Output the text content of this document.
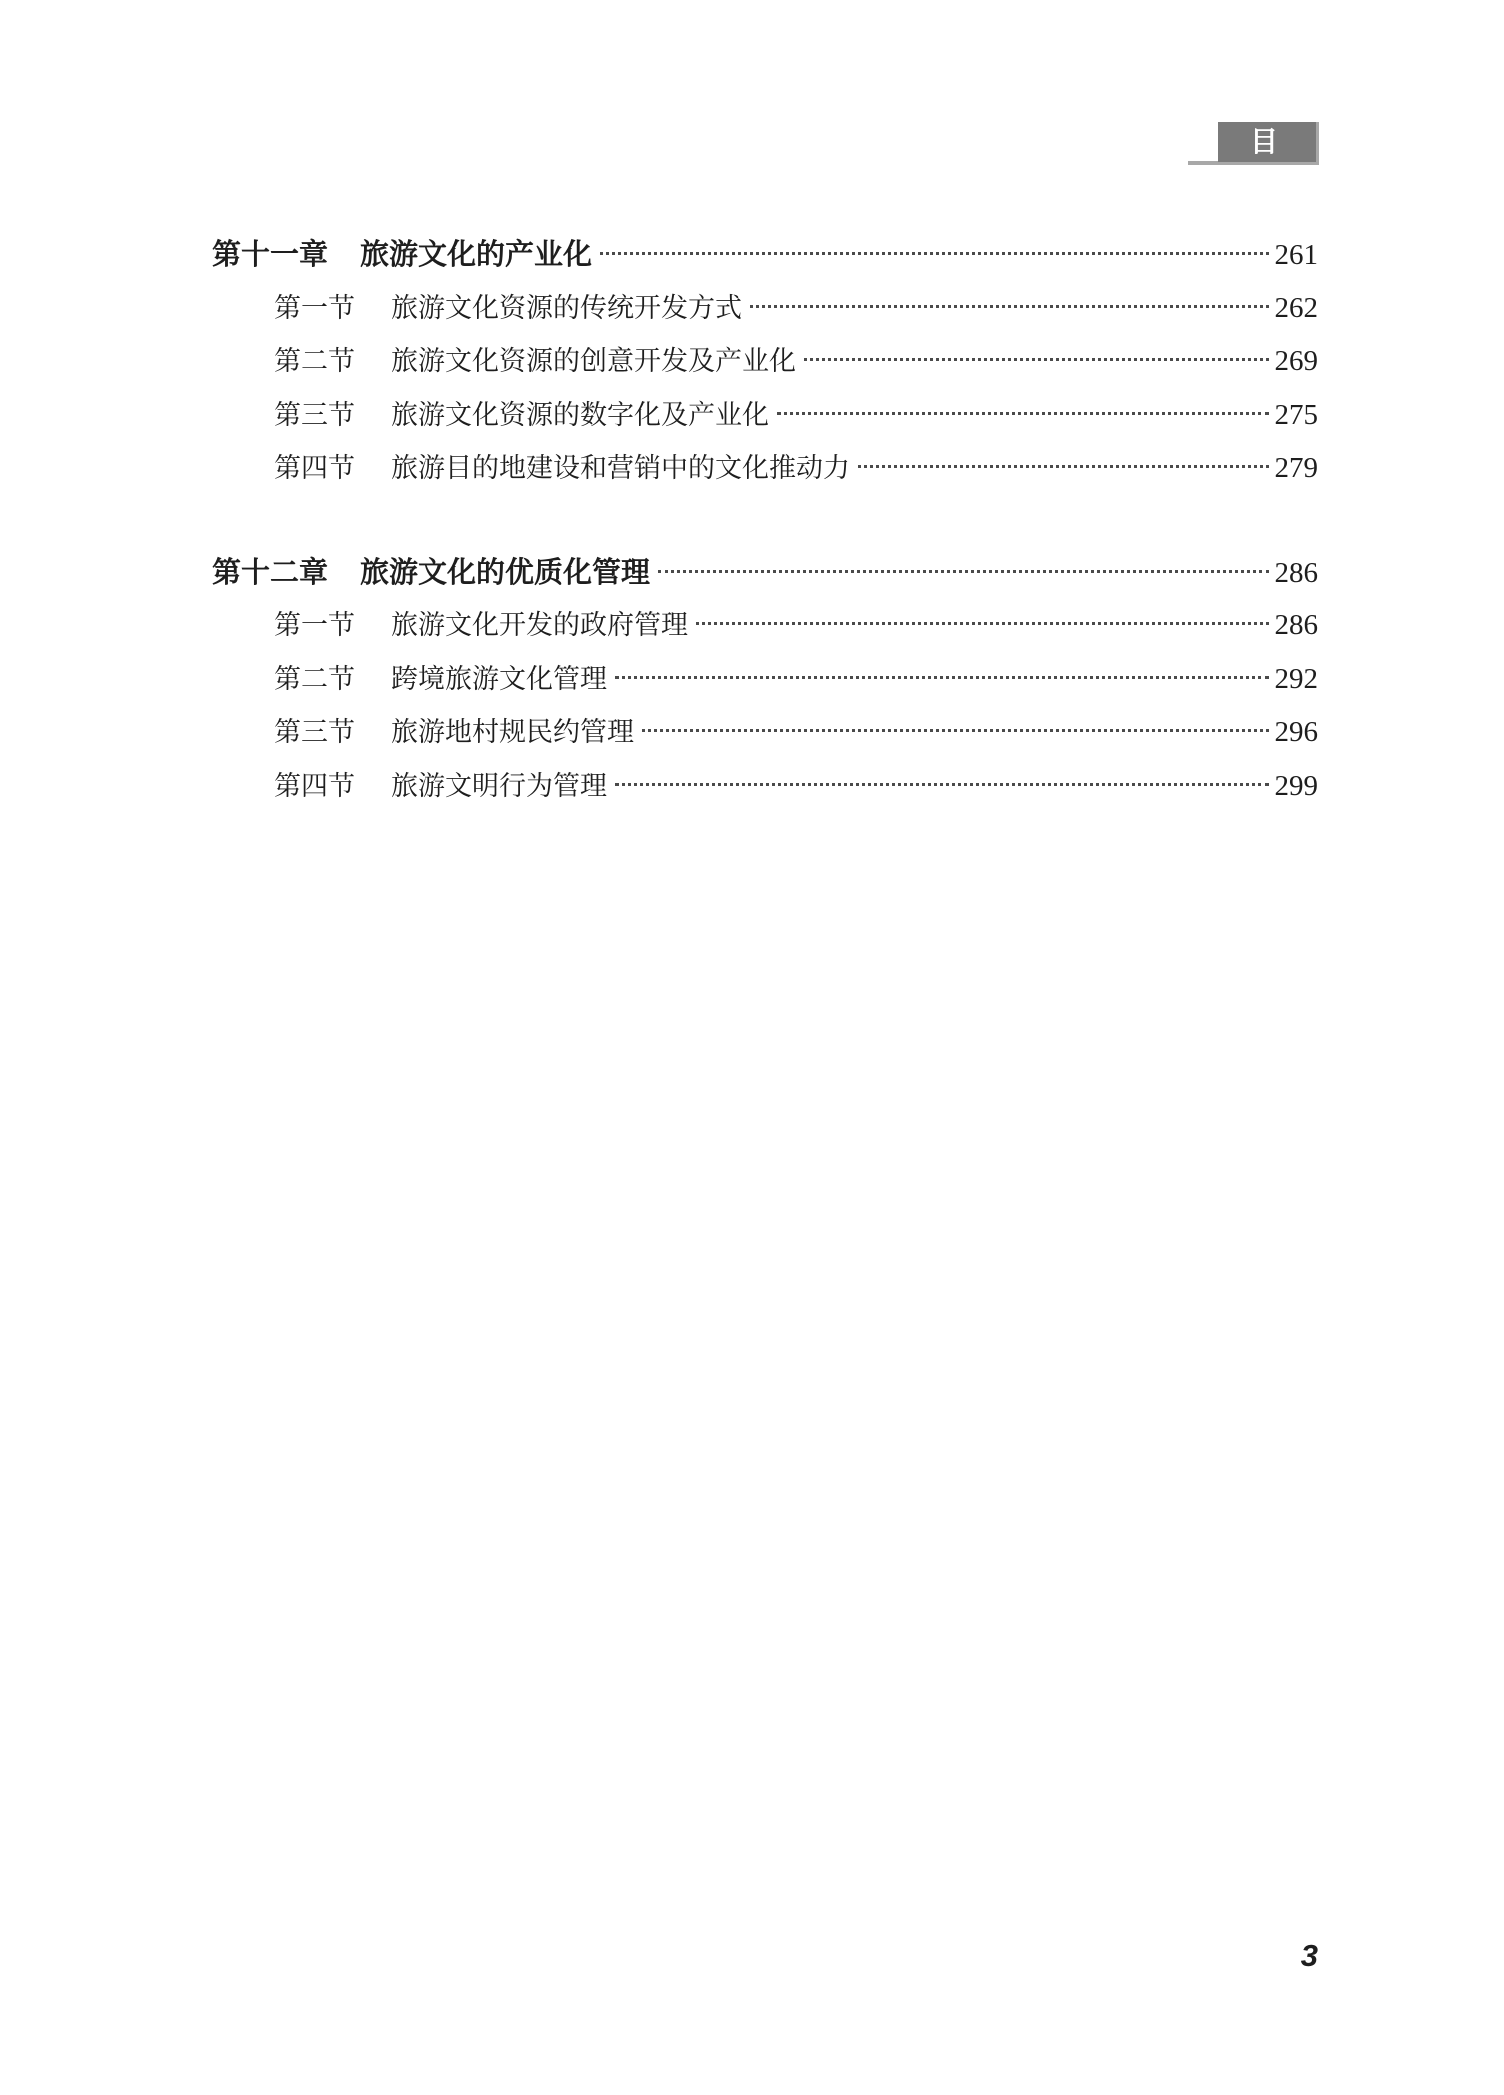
目 录
第十一章 旅游文化的产业化	261
第一节 旅游文化资源的传统开发方式	262
第二节 旅游文化资源的创意开发及产业化	269
第三节 旅游文化资源的数字化及产业化	275
第四节 旅游目的地建设和营销中的文化推动力	279
第十二章 旅游文化的优质化管理	286
第一节 旅游文化开发的政府管理	286
第二节 跨境旅游文化管理	292
第三节 旅游地村规民约管理	296
第四节 旅游文明行为管理	299
3
